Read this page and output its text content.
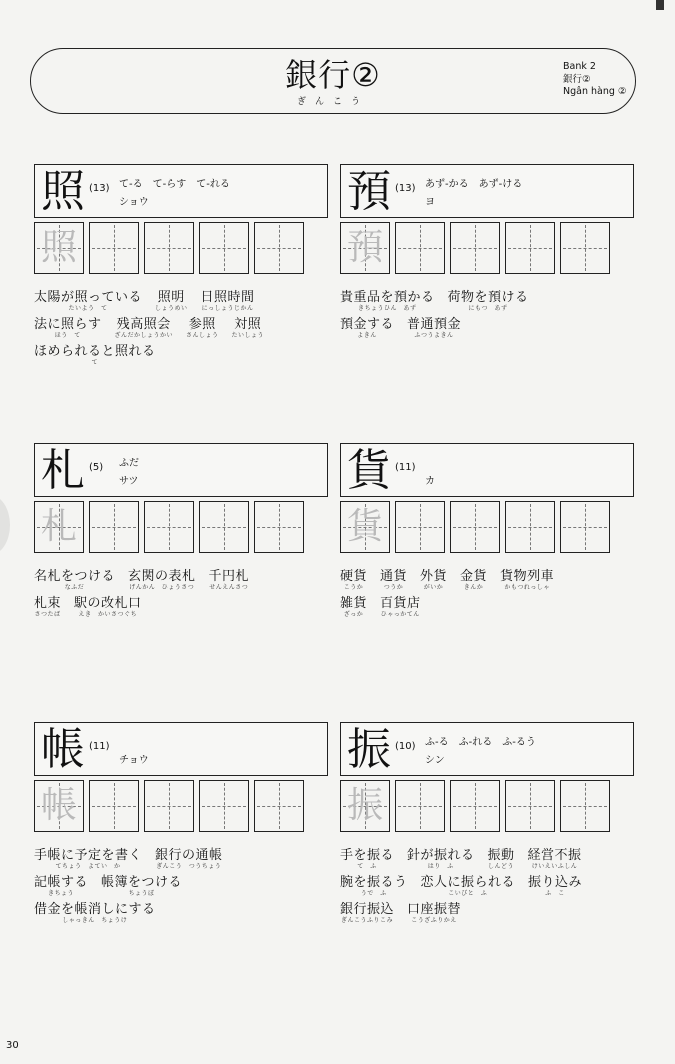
銀行②
ぎんこう
Bank 2
銀行②
Ngân hàng ②
照 (13) て-る　て-らす　て-れる
ショウ
照
太陽が照っている
たいよう　て
照明
しょうめい
日照時間
にっしょうじかん
法に照らす
ほう　て
残高照会
ざんだかしょうかい
参照
さんしょう
対照
たいしょう
ほめられると照れる
て
預 (13) あず-かる　あず-ける
ヨ
預
貴重品を預かる
きちょうひん　あず
荷物を預ける
にもつ　あず
預金する
よきん
普通預金
ふつうよきん
札 (5) ふだ
サツ
札
名札をつける
なふだ
玄関の表札
げんかん　ひょうさつ
千円札
せんえんさつ
札束
さつたば
駅の改札口
えき　かいさつぐち
貨 (11)
カ
貨
硬貨
こうか
通貨
つうか
外貨
がいか
金貨
きんか
貨物列車
かもつれっしゃ
雑貨
ざっか
百貨店
ひゃっかてん
帳 (11)
チョウ
帳
手帳に予定を書く
てちょう　よてい　か
銀行の通帳
ぎんこう　つうちょう
記帳する
きちょう
帳簿をつける
ちょうぼ
借金を帳消しにする
しゃっきん　ちょうけ
振 (10) ふ-る　ふ-れる　ふ-るう
シン
振
手を振る
て　ふ
針が振れる
はり　ふ
振動
しんどう
経営不振
けいえいふしん
腕を振るう
うで　ふ
恋人に振られる
こいびと　ふ
振り込み
ふ　こ
銀行振込
ぎんこうふりこみ
口座振替
こうざふりかえ
30
